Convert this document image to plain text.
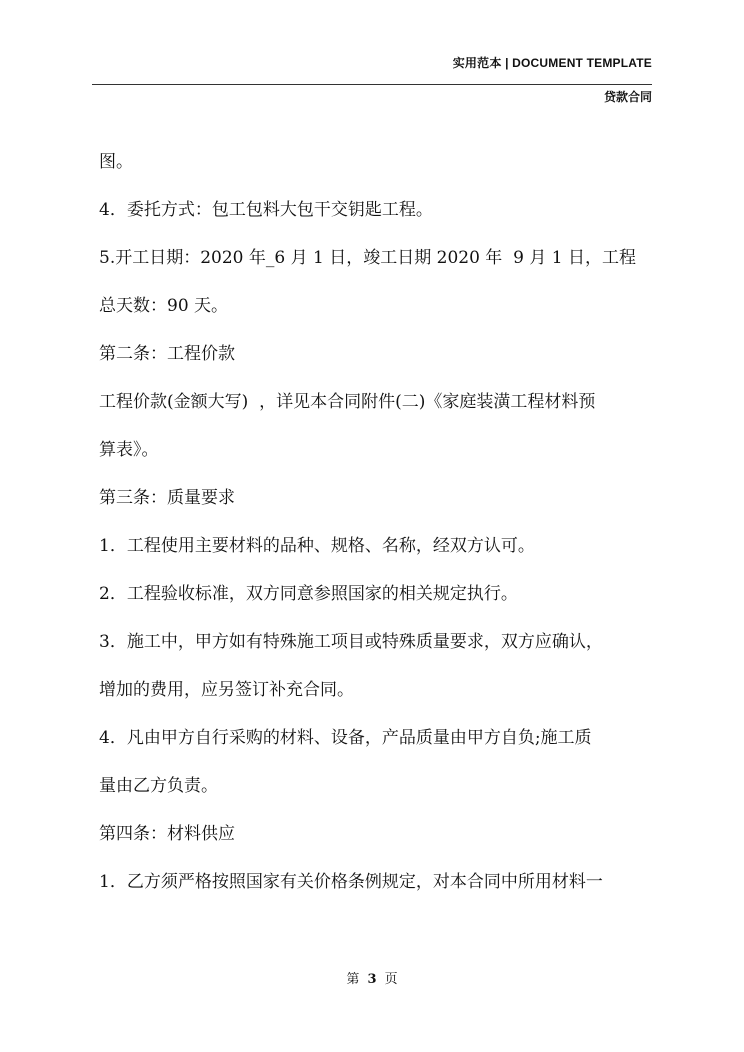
实用范本 | DOCUMENT TEMPLATE
贷款合同

图。

4．委托方式：包工包料大包干交钥匙工程。

5.开工日期：2020 年_6 月 1 日，竣工日期 2020 年  9 月 1 日，工程

总天数：90 天。

第二条：工程价款

工程价款(金额大写)  ，详见本合同附件(二)《家庭装潢工程材料预

算表》。

第三条：质量要求

1．工程使用主要材料的品种、规格、名称，经双方认可。

2．工程验收标准，双方同意参照国家的相关规定执行。

3．施工中，甲方如有特殊施工项目或特殊质量要求，双方应确认，

增加的费用，应另签订补充合同。

4．凡由甲方自行采购的材料、设备，产品质量由甲方自负;施工质

量由乙方负责。

第四条：材料供应

1．乙方须严格按照国家有关价格条例规定，对本合同中所用材料一

第 3 页
